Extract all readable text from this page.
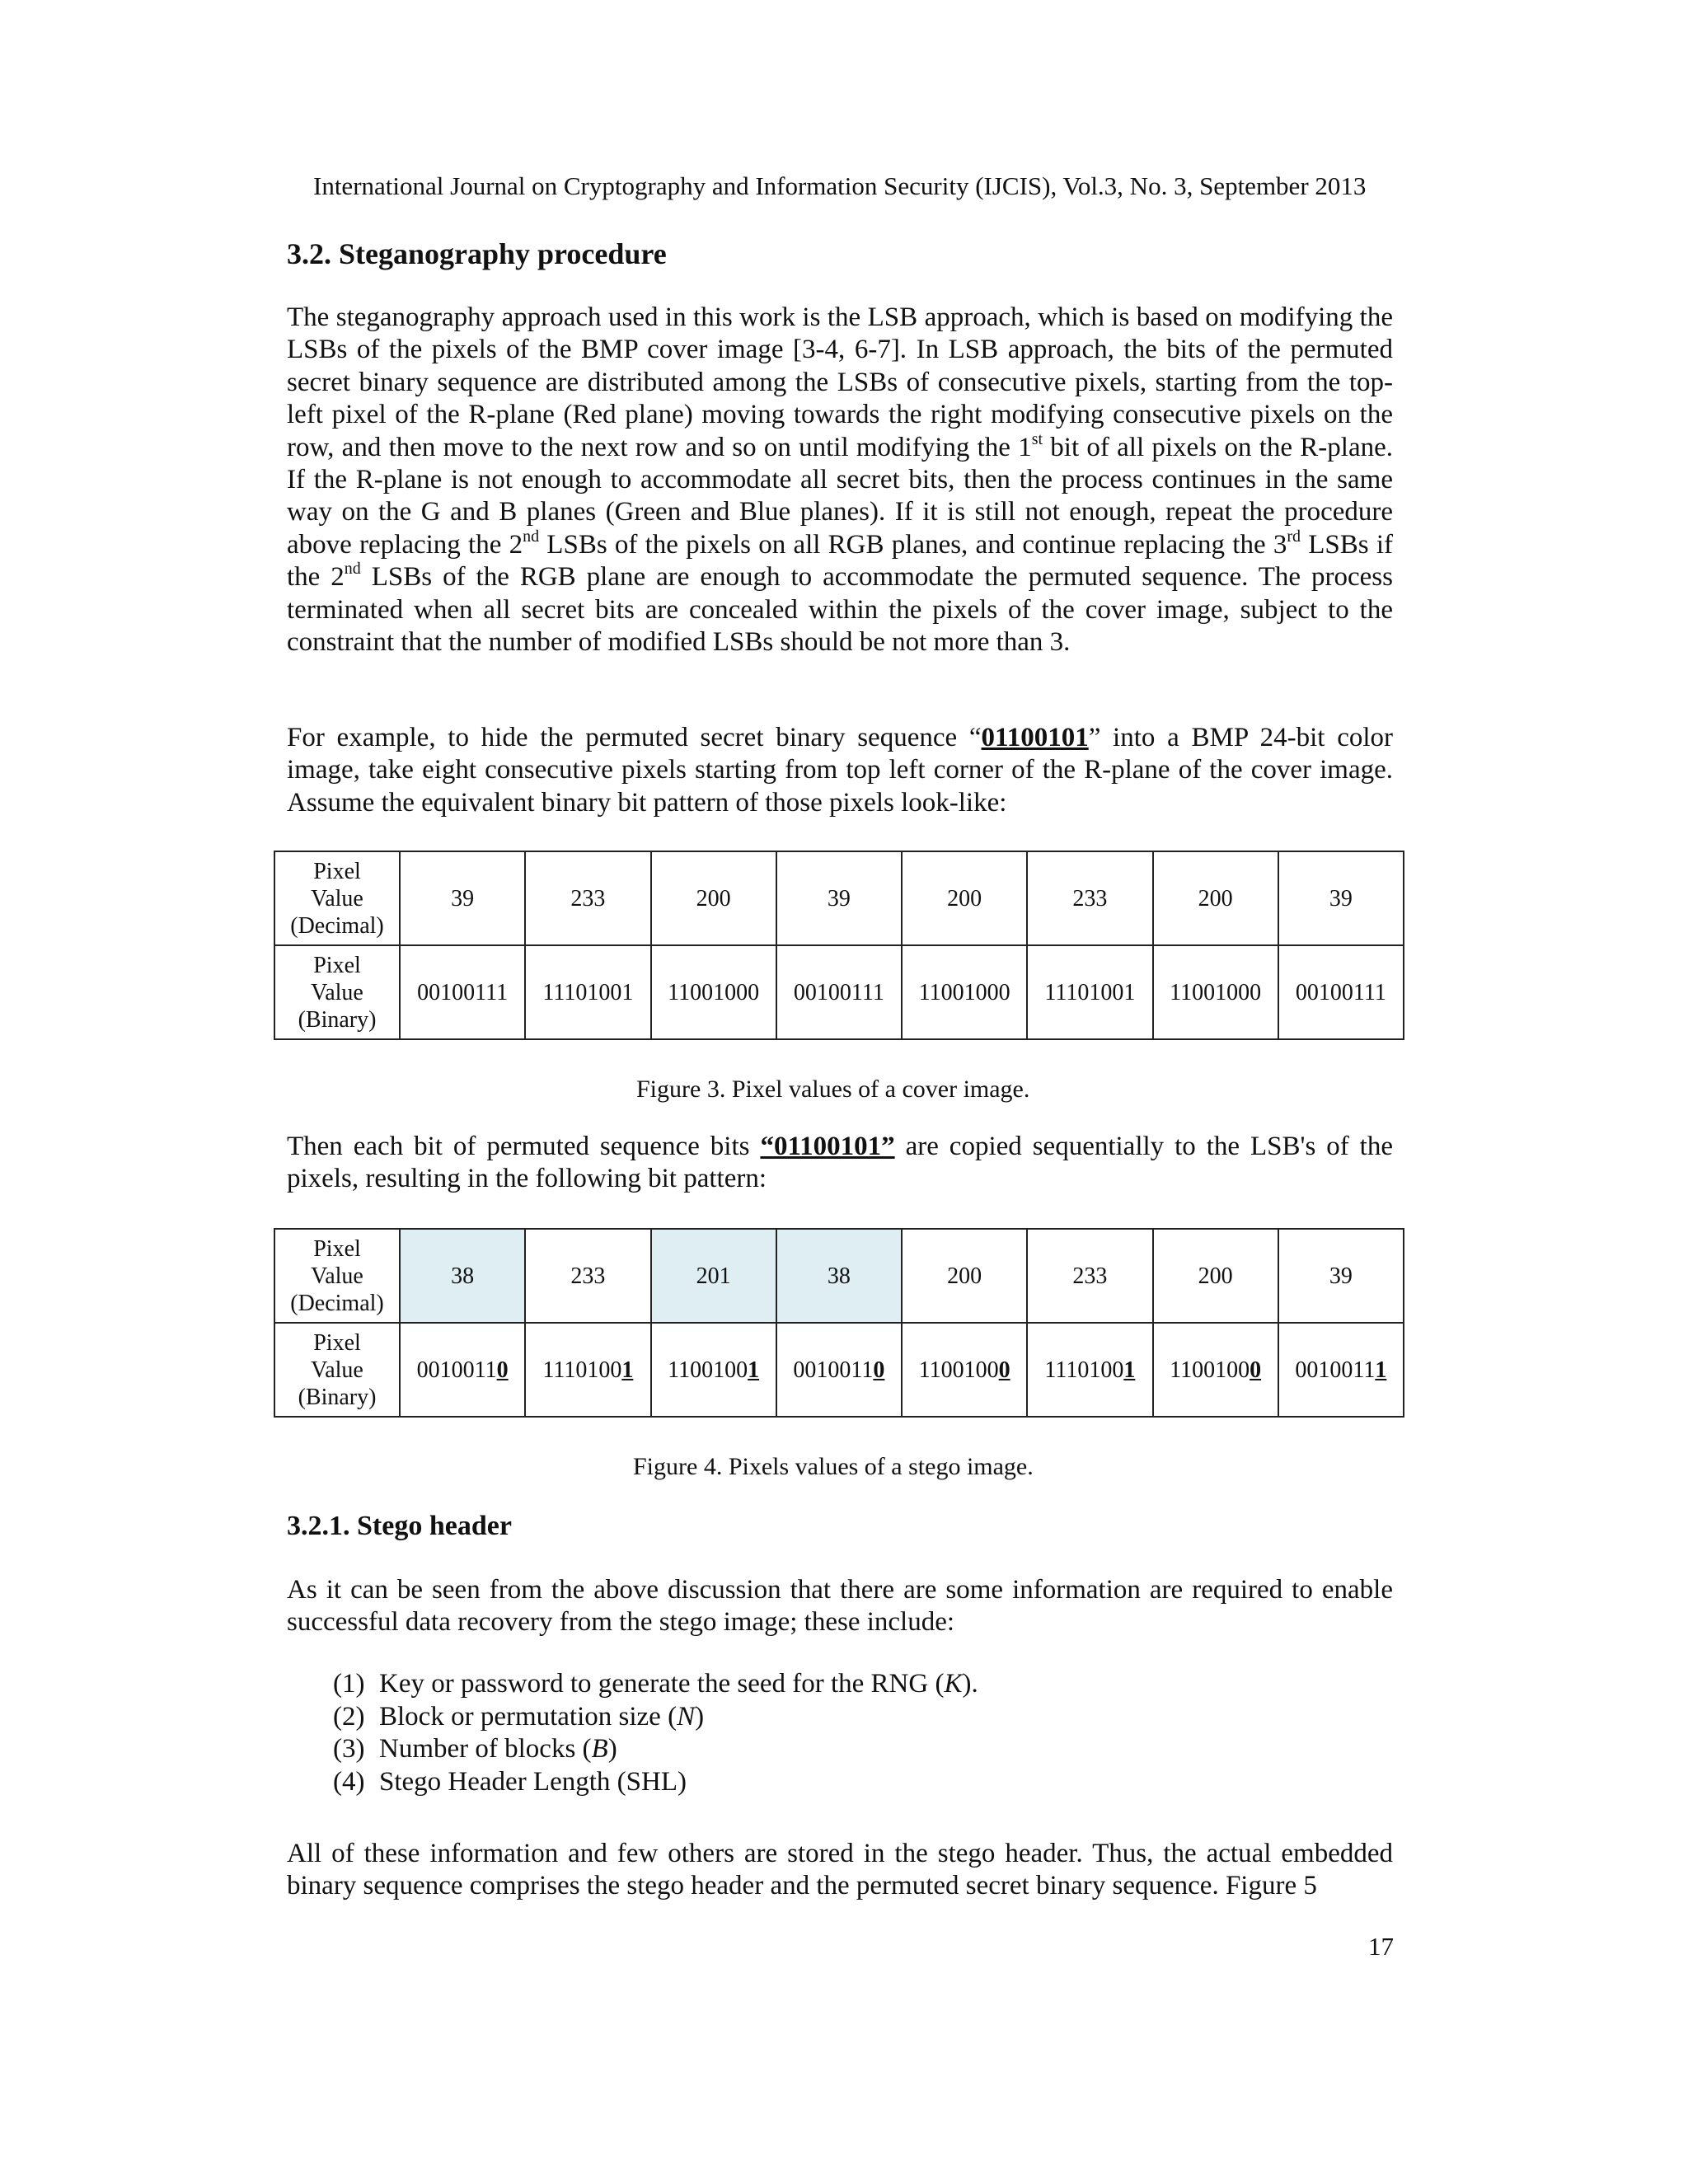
International Journal on Cryptography and Information Security (IJCIS), Vol.3, No. 3, September 2013
3.2. Steganography procedure

The steganography approach used in this work is the LSB approach, which is based on modifying the LSBs of the pixels of the BMP cover image [3-4, 6-7]. In LSB approach, the bits of the permuted secret binary sequence are distributed among the LSBs of consecutive pixels, starting from the top-left pixel of the R-plane (Red plane) moving towards the right modifying consecutive pixels on the row, and then move to the next row and so on until modifying the 1st bit of all pixels on the R-plane. If the R-plane is not enough to accommodate all secret bits, then the process continues in the same way on the G and B planes (Green and Blue planes). If it is still not enough, repeat the procedure above replacing the 2nd LSBs of the pixels on all RGB planes, and continue replacing the 3rd LSBs if the 2nd LSBs of the RGB plane are enough to accommodate the permuted sequence. The process terminated when all secret bits are concealed within the pixels of the cover image, subject to the constraint that the number of modified LSBs should be not more than 3.

For example, to hide the permuted secret binary sequence “01100101” into a BMP 24-bit color image, take eight consecutive pixels starting from top left corner of the R-plane of the cover image. Assume the equivalent binary bit pattern of those pixels look-like:

Pixel
Value
(Decimal)	39	233	200	39	200	233	200	39
Pixel
Value
(Binary)	00100111	11101001	11001000	00100111	11001000	11101001	11001000	00100111
Figure 3. Pixel values of a cover image.

Then each bit of permuted sequence bits “01100101” are copied sequentially to the LSB's of the pixels, resulting in the following bit pattern:

Pixel
Value
(Decimal)	38	233	201	38	200	233	200	39
Pixel
Value
(Binary)	00100110	11101001	11001001	00100110	11001000	11101001	11001000	00100111
Figure 4. Pixels values of a stego image.
3.2.1. Stego header

As it can be seen from the above discussion that there are some information are required to enable successful data recovery from the stego image; these include:

(1) Key or password to generate the seed for the RNG (K).
(2) Block or permutation size (N)
(3) Number of blocks (B)
(4) Stego Header Length (SHL)

All of these information and few others are stored in the stego header. Thus, the actual embedded binary sequence comprises the stego header and the permuted secret binary sequence. Figure 5

17
